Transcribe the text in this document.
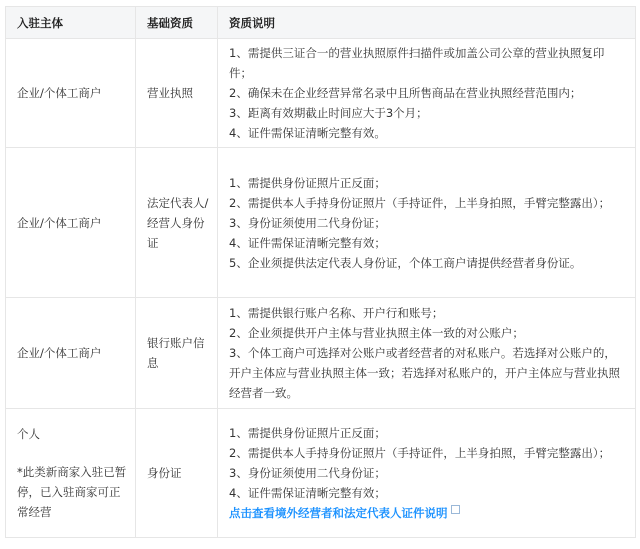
入驻主体	基础资质	资质说明
企业/个体工商户	营业执照	1、需提供三证合一的营业执照原件扫描件或加盖公司公章的营业执照复印件；
2、确保未在企业经营异常名录中且所售商品在营业执照经营范围内；
3、距离有效期截止时间应大于3个月；
4、证件需保证清晰完整有效。

企业/个体工商户	法定代表人/经营人身份证	1、需提供身份证照片正反面；
2、需提供本人手持身份证照片（手持证件，上半身拍照，手臂完整露出）；
3、身份证须使用二代身份证；
4、证件需保证清晰完整有效；
5、企业须提供法定代表人身份证，个体工商户请提供经营者身份证。

企业/个体工商户	银行账户信息	1、需提供银行账户名称、开户行和账号；
2、企业须提供开户主体与营业执照主体一致的对公账户；
3、个体工商户可选择对公账户或者经营者的对私账户。若选择对公账户的，开户主体应与营业执照主体一致；若选择对私账户的，开户主体应与营业执照经营者一致。

个人
*此类新商家入驻已暂停，已入驻商家可正常经营	身份证	1、需提供身份证照片正反面；
2、需提供本人手持身份证照片（手持证件，上半身拍照，手臂完整露出）；
3、身份证须使用二代身份证；
4、证件需保证清晰完整有效；
点击查看境外经营者和法定代表人证件说明
